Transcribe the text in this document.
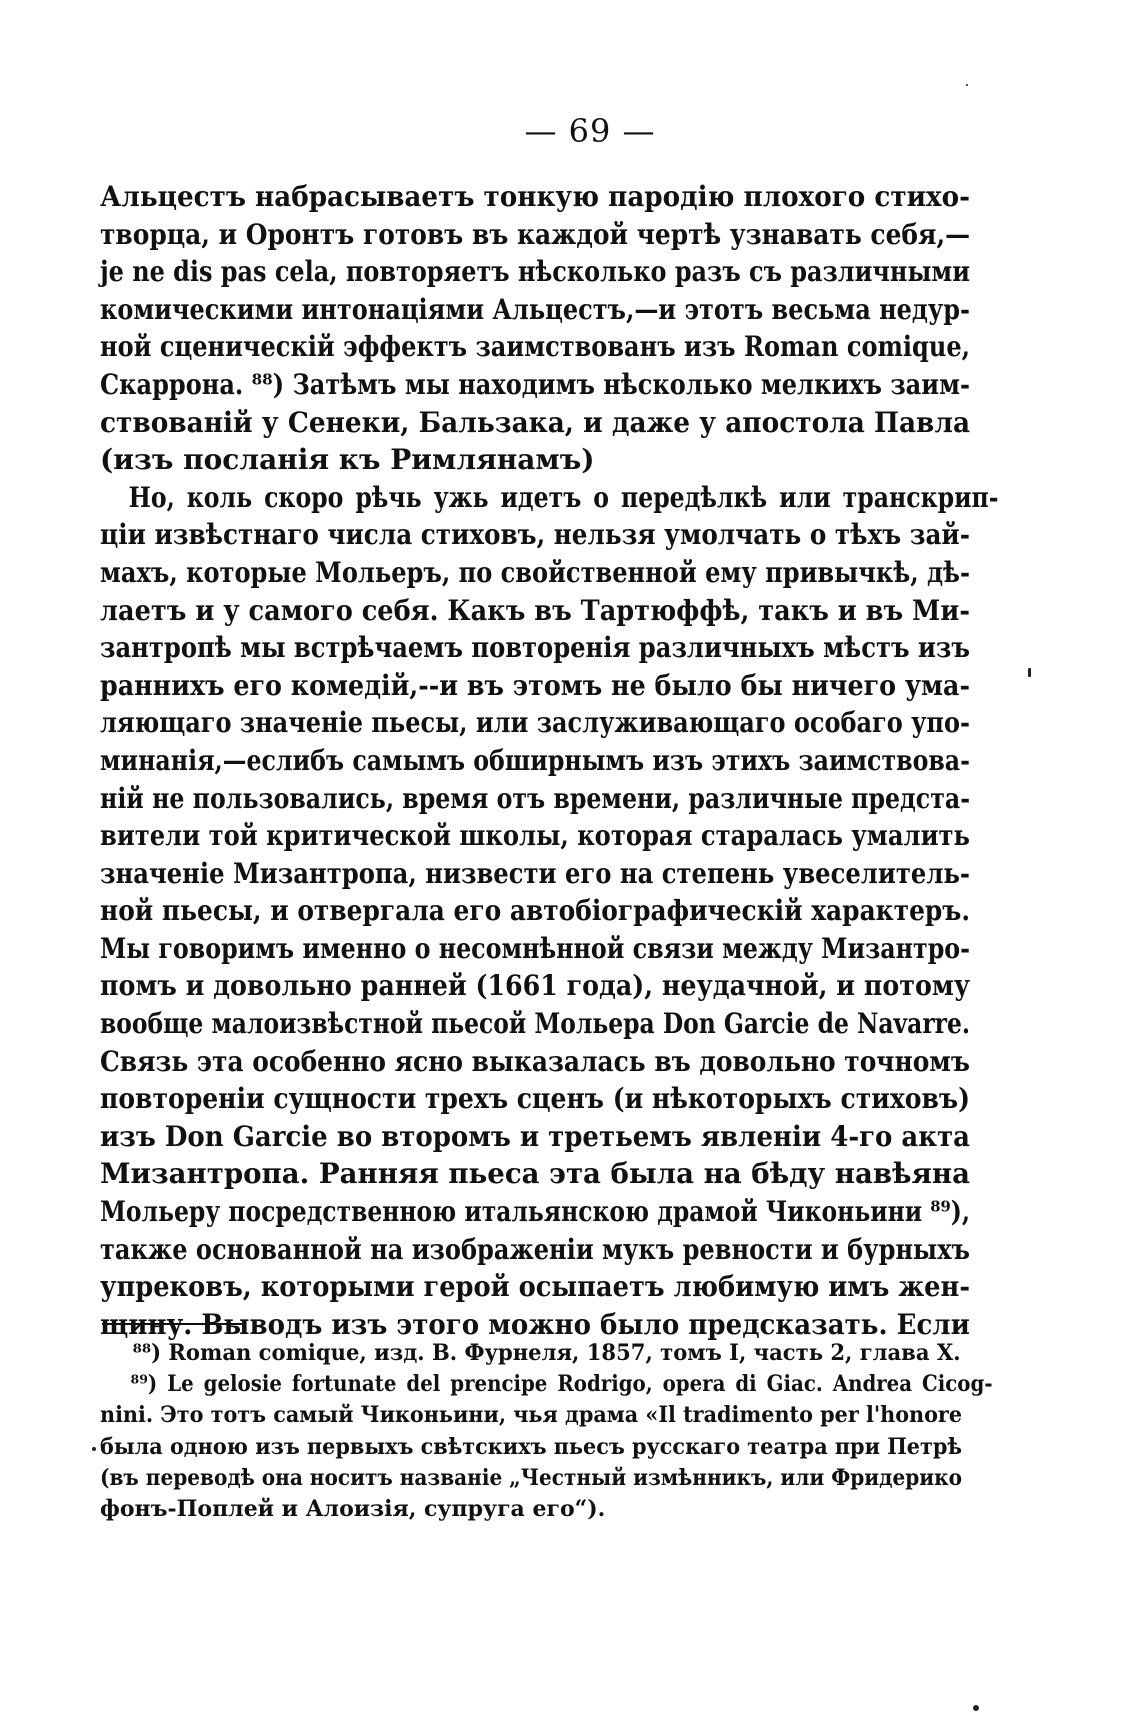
— 69 —
Альцестъ набрасываетъ тонкую пародію плохого стихо-
творца, и Оронтъ готовъ въ каждой чертѣ узнавать себя,—
je ne dis pas cela, повторяетъ нѣсколько разъ съ различными
комическими интонаціями Альцестъ,—и этотъ весьма недур-
ной сценическій эффектъ заимствованъ изъ Roman comique,
Скаррона. ⁸⁸) Затѣмъ мы находимъ нѣсколько мелкихъ заим-
ствованій у Сенеки, Бальзака, и даже у апостола Павла
(изъ посланія къ Римлянамъ)
Но, коль скоро рѣчь ужь идетъ о передѣлкѣ или транскрип-
ціи извѣстнаго числа стиховъ, нельзя умолчать о тѣхъ зай-
махъ, которые Мольеръ, по свойственной ему привычкѣ, дѣ-
лаетъ и у самого себя. Какъ въ Тартюффѣ, такъ и въ Ми-
зантропѣ мы встрѣчаемъ повторенія различныхъ мѣстъ изъ
раннихъ его комедій,--и въ этомъ не было бы ничего ума-
ляющаго значеніе пьесы, или заслуживающаго особаго упо-
минанія,—еслибъ самымъ обширнымъ изъ этихъ заимствова-
ній не пользовались, время отъ времени, различные предста-
вители той критической школы, которая старалась умалить
значеніе Мизантропа, низвести его на степень увеселитель-
ной пьесы, и отвергала его автобіографическій характеръ.
Мы говоримъ именно о несомнѣнной связи между Мизантро-
помъ и довольно ранней (1661 года), неудачной, и потому
вообще малоизвѣстной пьесой Мольера Don Garcie de Navarre.
Связь эта особенно ясно выказалась въ довольно точномъ
повтореніи сущности трехъ сценъ (и нѣкоторыхъ стиховъ)
изъ Don Garcie во второмъ и третьемъ явленіи 4-го акта
Мизантропа. Ранняя пьеса эта была на бѣду навѣяна
Мольеру посредственною итальянскою драмой Чиконьини ⁸⁹),
также основанной на изображеніи мукъ ревности и бурныхъ
упрековъ, которыми герой осыпаетъ любимую имъ жен-
щину. Выводъ изъ этого можно было предсказать. Если
⁸⁸) Roman comique, изд. В. Фурнеля, 1857, томъ I, часть 2, глава X.
⁸⁹) Le gelosie fortunate del prencipe Rodrigo, opera di Giac. Andrea Cicog-
nini. Это тотъ самый Чиконьини, чья драма «Il tradimento per l'honore
была одною изъ первыхъ свѣтскихъ пьесъ русскаго театра при Петрѣ
(въ переводѣ она носитъ названіе „Честный измѣнникъ, или Фридерико
фонъ-Поплей и Алоизія, супруга его“).
